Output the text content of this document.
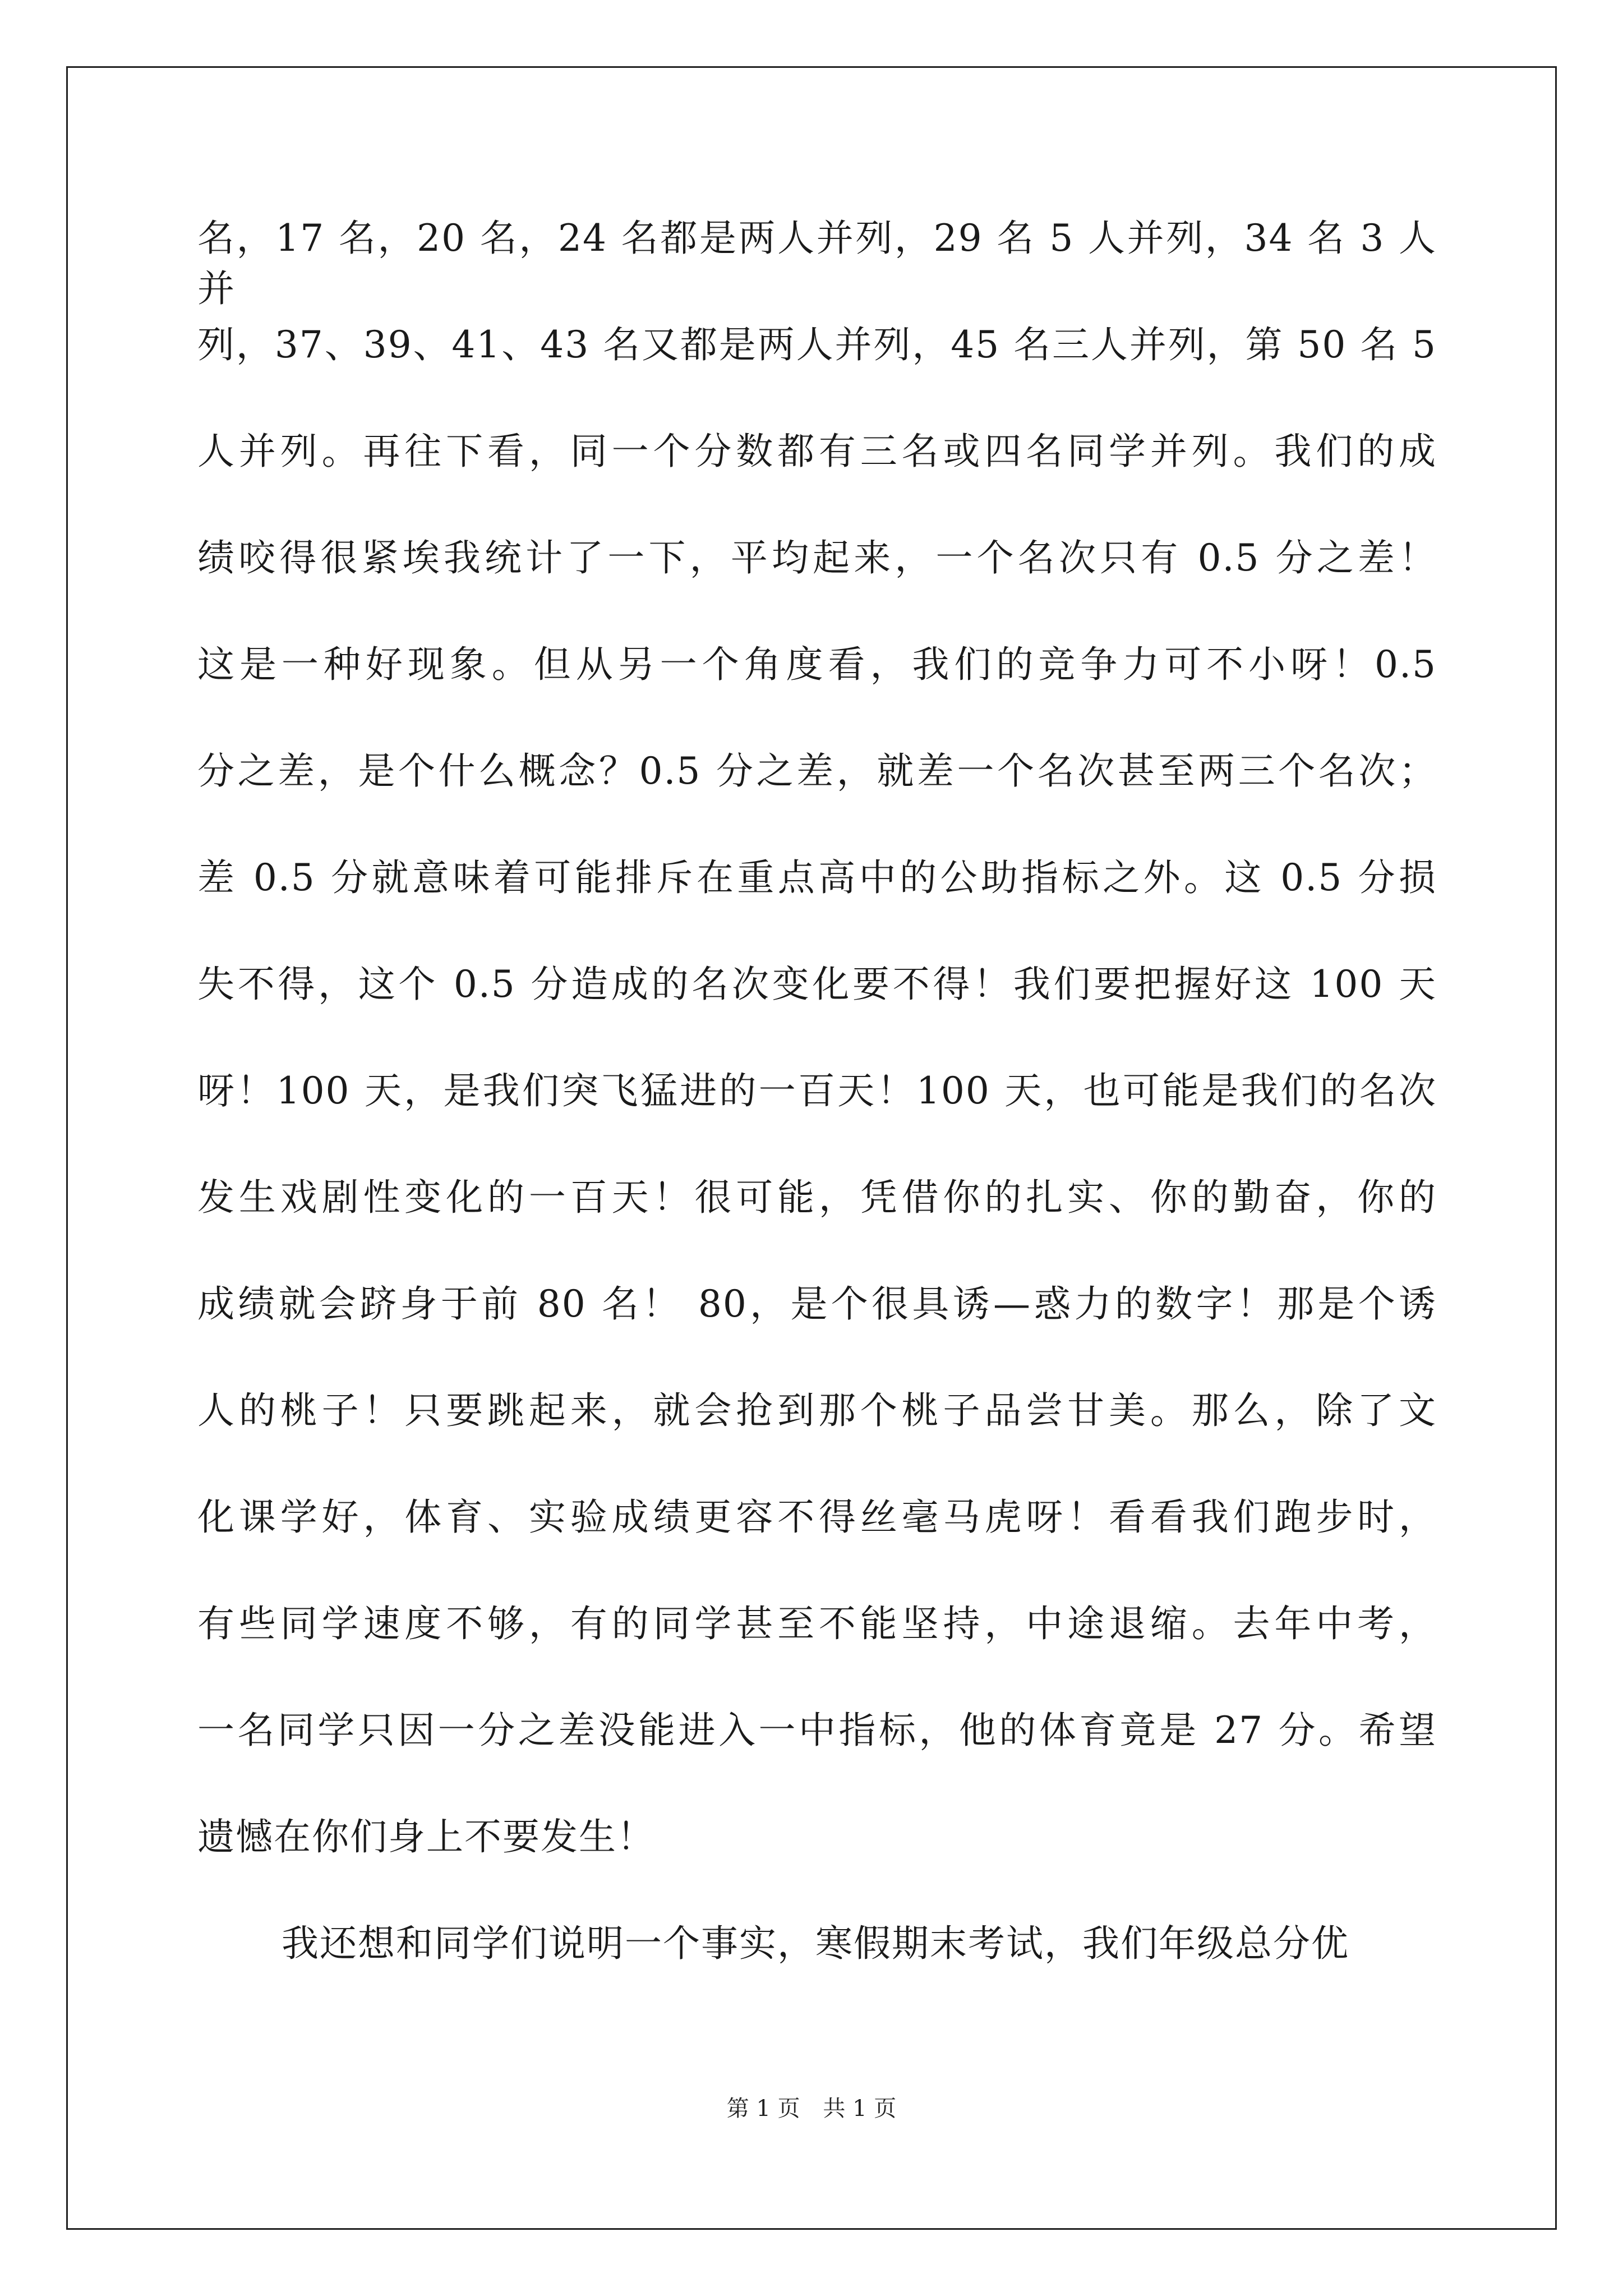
名，17 名，20 名，24 名都是两人并列，29 名 5 人并列，34 名 3 人并
列，37、39、41、43 名又都是两人并列，45 名三人并列，第 50 名 5
人并列。再往下看，同一个分数都有三名或四名同学并列。我们的成
绩咬得很紧埃我统计了一下，平均起来，一个名次只有 0.5 分之差！
这是一种好现象。但从另一个角度看，我们的竞争力可不小呀！0.5
分之差，是个什么概念？0.5 分之差，就差一个名次甚至两三个名次；
差 0.5 分就意味着可能排斥在重点高中的公助指标之外。这 0.5 分损
失不得，这个 0.5 分造成的名次变化要不得！我们要把握好这 100 天
呀！100 天，是我们突飞猛进的一百天！100 天，也可能是我们的名次
发生戏剧性变化的一百天！很可能，凭借你的扎实、你的勤奋，你的
成绩就会跻身于前 80 名！ 80，是个很具诱—惑力的数字！那是个诱
人的桃子！只要跳起来，就会抢到那个桃子品尝甘美。那么，除了文
化课学好，体育、实验成绩更容不得丝毫马虎呀！看看我们跑步时，
有些同学速度不够，有的同学甚至不能坚持，中途退缩。去年中考，
一名同学只因一分之差没能进入一中指标，他的体育竟是 27 分。希望
遗憾在你们身上不要发生！
我还想和同学们说明一个事实，寒假期末考试，我们年级总分优
第 1 页 共 1 页
